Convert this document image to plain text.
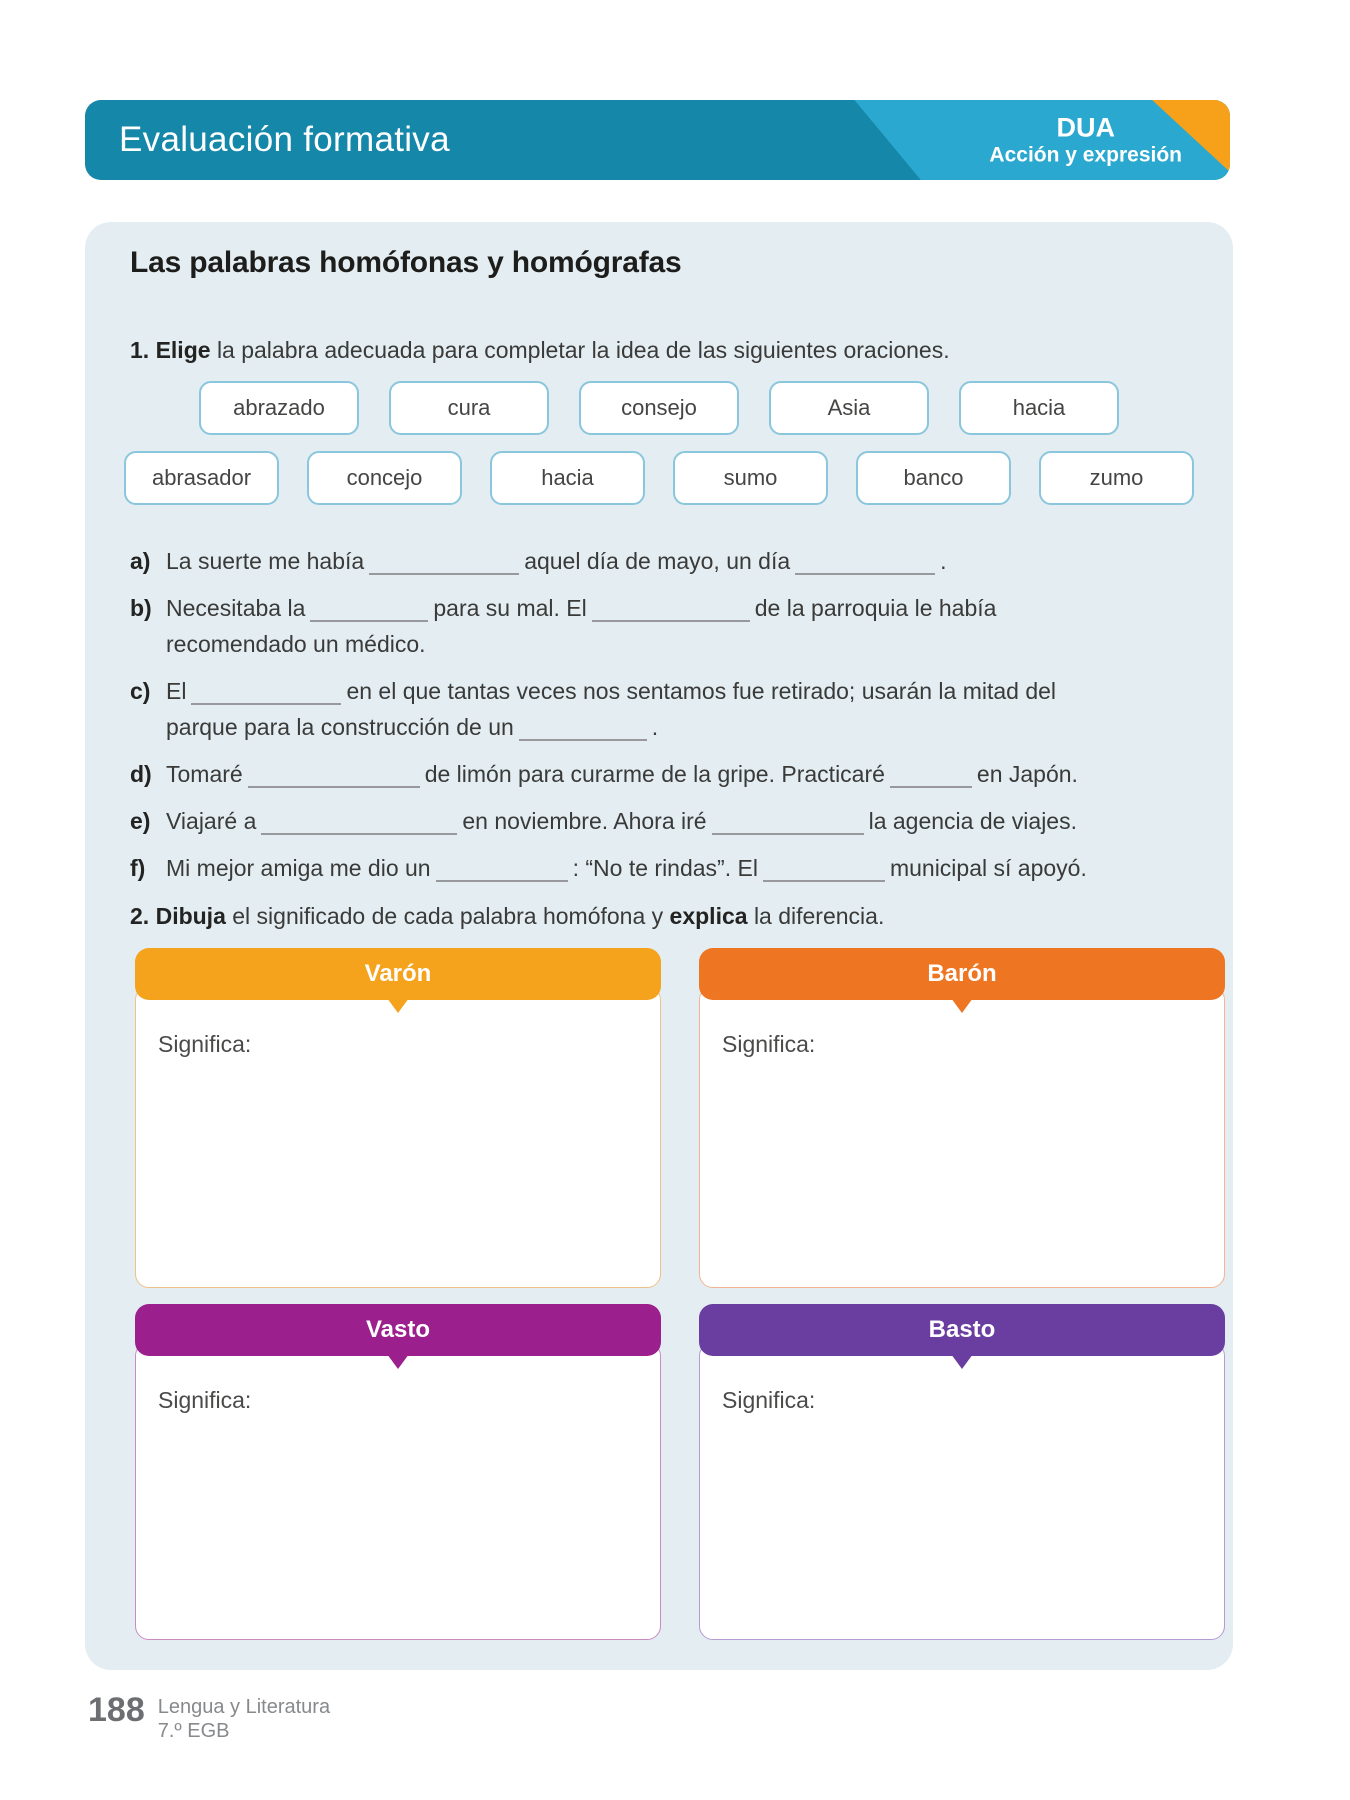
Evaluación formativa	DUA
Acción y expresión
Las palabras homófonas y homógrafas

1. Elige la palabra adecuada para completar la idea de las siguientes oraciones.

abrazado	cura	consejo	Asia	hacia
abrasador	concejo	hacia	sumo	banco	zumo
a) La suerte me había	aquel día de mayo, un día	.
b) Necesitaba la	para su mal. El	de la parroquia le había
recomendado un médico.
c) El	en el que tantas veces nos sentamos fue retirado; usarán la mitad del
parque para la construcción de un	.
d) Tomaré	de limón para curarme de la gripe. Practicaré	en Japón.
e) Viajaré a	en noviembre. Ahora iré	la agencia de viajes.
f) Mi mejor amiga me dio un	: “No te rindas”. El	municipal sí apoyó.

2. Dibuja el significado de cada palabra homófona y explica la diferencia.

Varón
Significa:
Barón
Significa:
Vasto
Significa:
Basto
Significa:
188 Lengua y Literatura
7.º EGB
